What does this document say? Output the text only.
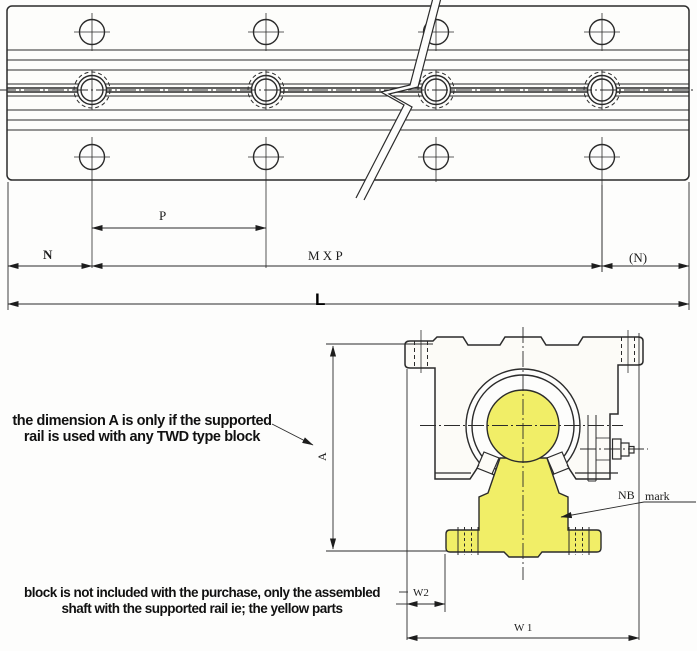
P
N	M X P	(N)
L
A
W2
W 1
NB mark
the dimension A is only if the supported
rail is used with any TWD type block
block is not included with the purchase, only the assembled
shaft with the supported rail ie; the yellow parts
